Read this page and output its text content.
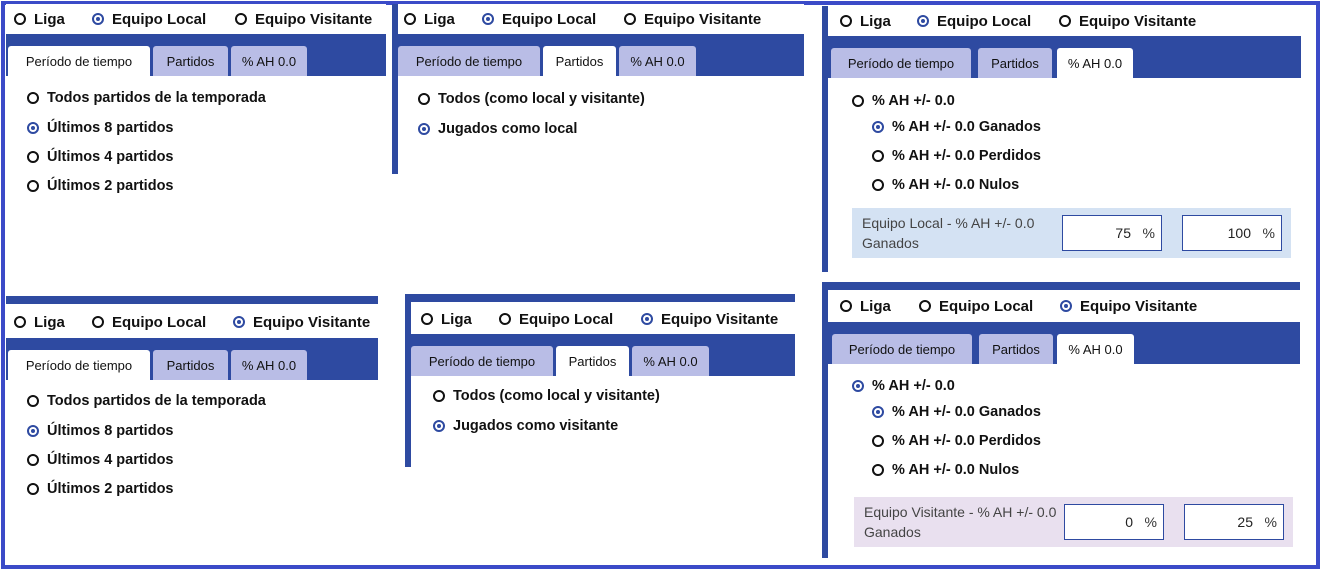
Liga	Equipo Local	Equipo Visitante
Período de tiempo	Partidos	% AH 0.0
Todos partidos de la temporada
Últimos 8 partidos
Últimos 4 partidos
Últimos 2 partidos
Liga	Equipo Local	Equipo Visitante
Período de tiempo	Partidos	% AH 0.0
Todos (como local y visitante)
Jugados como local
Liga	Equipo Local	Equipo Visitante
Período de tiempo	Partidos	% AH 0.0
% AH +/- 0.0
% AH +/- 0.0 Ganados
% AH +/- 0.0 Perdidos
% AH +/- 0.0 Nulos
Equipo Local - % AH +/- 0.0 Ganados
75 %	100 %
Liga	Equipo Local	Equipo Visitante
Período de tiempo	Partidos	% AH 0.0
Todos partidos de la temporada
Últimos 8 partidos
Últimos 4 partidos
Últimos 2 partidos
Liga	Equipo Local	Equipo Visitante
Período de tiempo	Partidos	% AH 0.0
Todos (como local y visitante)
Jugados como visitante
Liga	Equipo Local	Equipo Visitante
Período de tiempo	Partidos	% AH 0.0
% AH +/- 0.0
% AH +/- 0.0 Ganados
% AH +/- 0.0 Perdidos
% AH +/- 0.0 Nulos
Equipo Visitante - % AH +/- 0.0 Ganados
0 %	25 %
